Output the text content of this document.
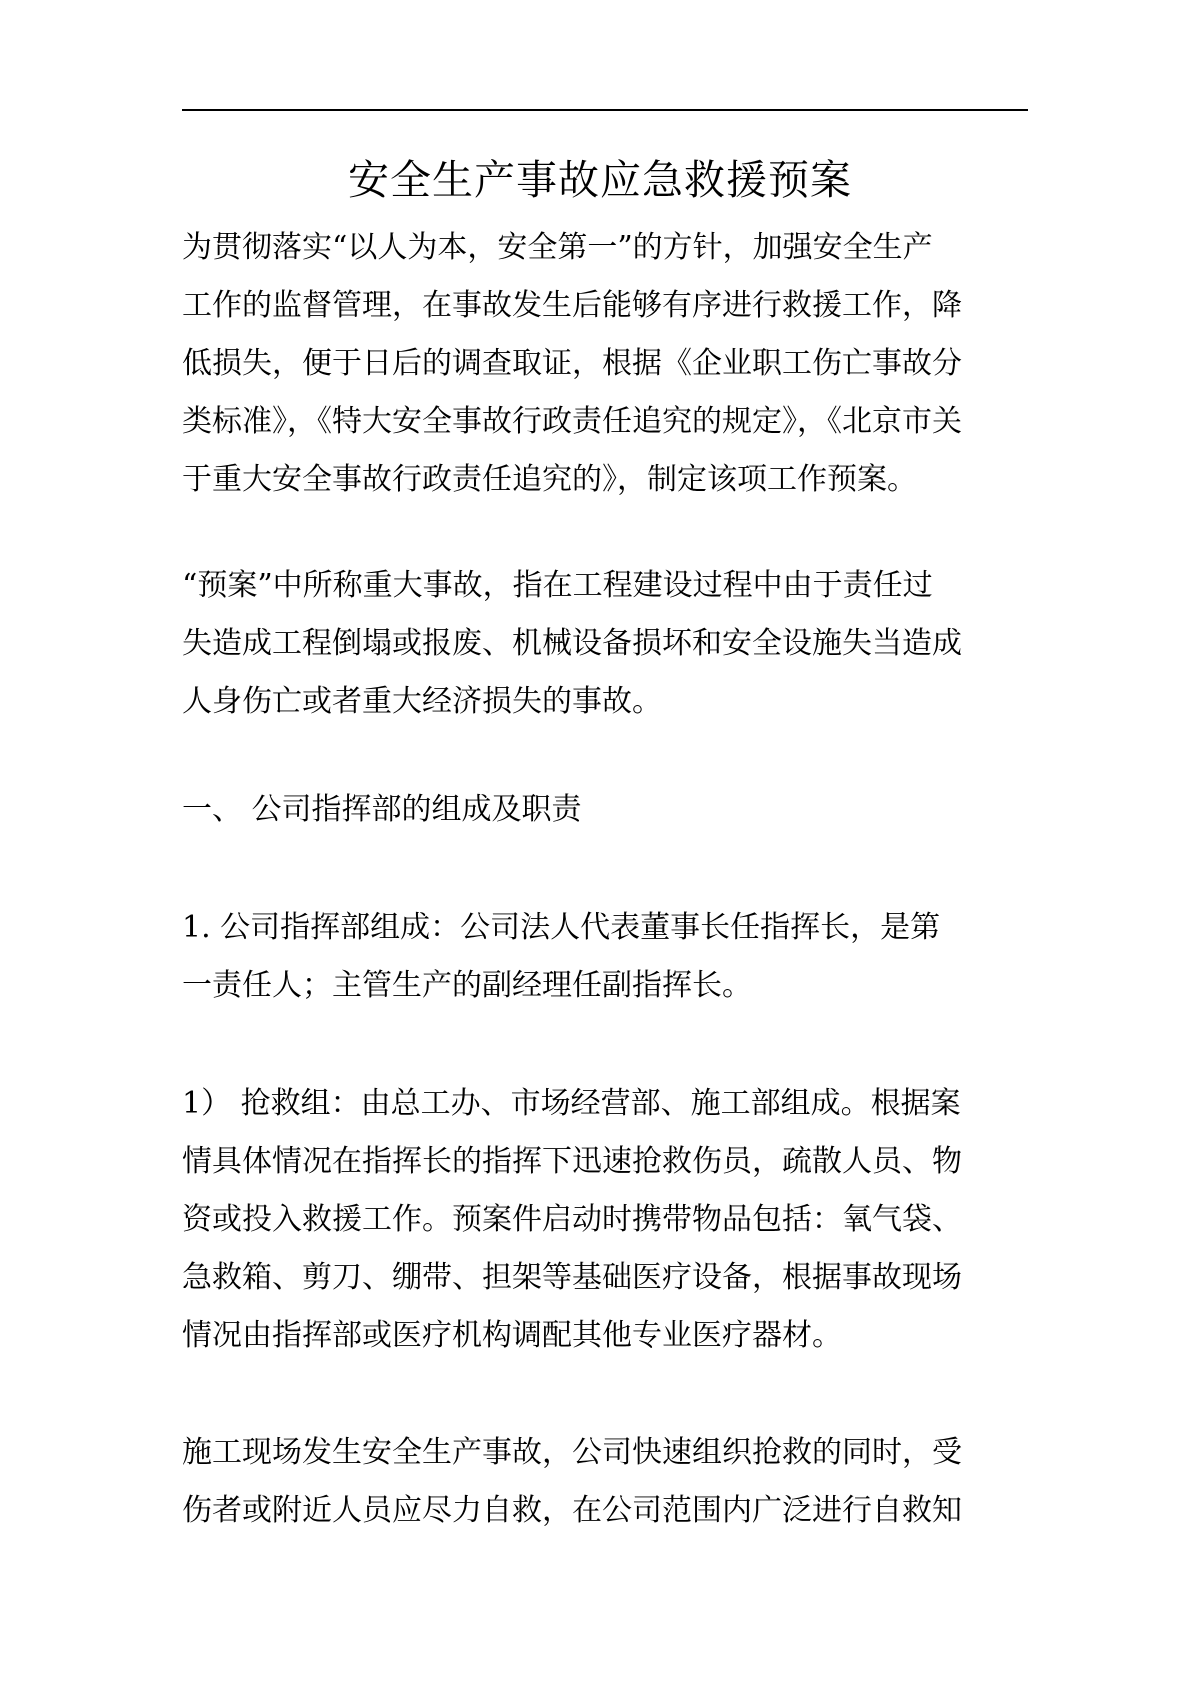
安全生产事故应急救援预案
为贯彻落实“以人为本，安全第一”的方针，加强安全生产
工作的监督管理，在事故发生后能够有序进行救援工作，降
低损失，便于日后的调查取证，根据《企业职工伤亡事故分
类标准》，《特大安全事故行政责任追究的规定》，《北京市关
于重大安全事故行政责任追究的》，制定该项工作预案。
“预案”中所称重大事故，指在工程建设过程中由于责任过
失造成工程倒塌或报废、机械设备损坏和安全设施失当造成
人身伤亡或者重大经济损失的事故。
一、 公司指挥部的组成及职责
1. 公司指挥部组成：公司法人代表董事长任指挥长，是第
一责任人；主管生产的副经理任副指挥长。
1） 抢救组：由总工办、市场经营部、施工部组成。根据案
情具体情况在指挥长的指挥下迅速抢救伤员，疏散人员、物
资或投入救援工作。预案件启动时携带物品包括：氧气袋、
急救箱、剪刀、绷带、担架等基础医疗设备，根据事故现场
情况由指挥部或医疗机构调配其他专业医疗器材。
施工现场发生安全生产事故，公司快速组织抢救的同时，受
伤者或附近人员应尽力自救，在公司范围内广泛进行自救知
